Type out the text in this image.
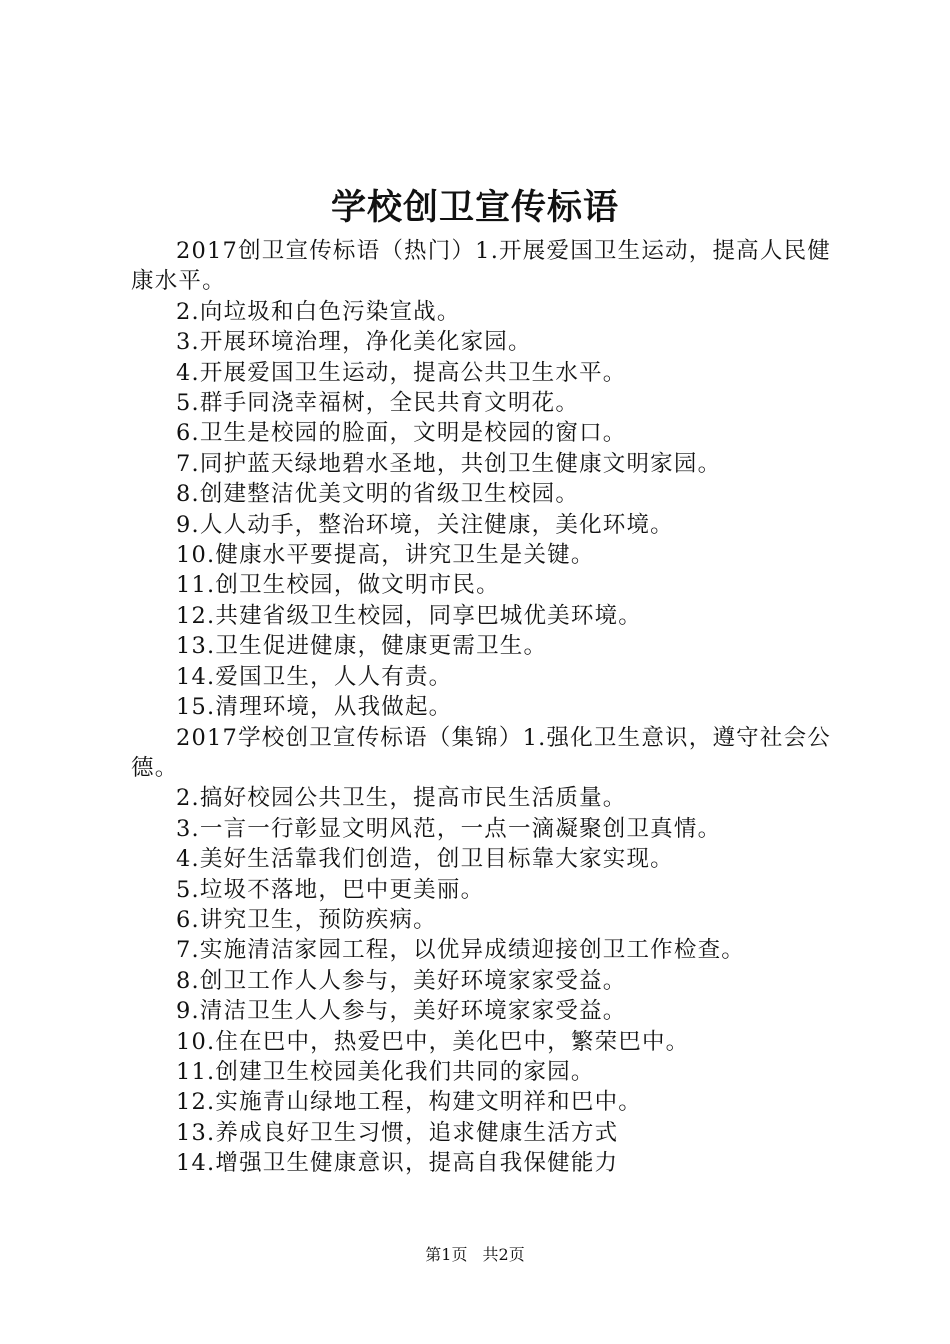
学校创卫宣传标语

2017创卫宣传标语（热门）1.开展爱国卫生运动，提高人民健康水平。

2.向垃圾和白色污染宣战。

3.开展环境治理，净化美化家园。

4.开展爱国卫生运动，提高公共卫生水平。

5.群手同浇幸福树，全民共育文明花。

6.卫生是校园的脸面，文明是校园的窗口。

7.同护蓝天绿地碧水圣地，共创卫生健康文明家园。

8.创建整洁优美文明的省级卫生校园。

9.人人动手，整治环境，关注健康，美化环境。

10.健康水平要提高，讲究卫生是关键。

11.创卫生校园，做文明市民。

12.共建省级卫生校园，同享巴城优美环境。

13.卫生促进健康，健康更需卫生。

14.爱国卫生，人人有责。

15.清理环境，从我做起。

2017学校创卫宣传标语（集锦）1.强化卫生意识，遵守社会公德。

2.搞好校园公共卫生，提高市民生活质量。

3.一言一行彰显文明风范，一点一滴凝聚创卫真情。

4.美好生活靠我们创造，创卫目标靠大家实现。

5.垃圾不落地，巴中更美丽。

6.讲究卫生，预防疾病。

7.实施清洁家园工程，以优异成绩迎接创卫工作检查。

8.创卫工作人人参与，美好环境家家受益。

9.清洁卫生人人参与，美好环境家家受益。

10.住在巴中，热爱巴中，美化巴中，繁荣巴中。

11.创建卫生校园美化我们共同的家园。

12.实施青山绿地工程，构建文明祥和巴中。

13.养成良好卫生习惯，追求健康生活方式

14.增强卫生健康意识，提高自我保健能力

第1页 共2页
